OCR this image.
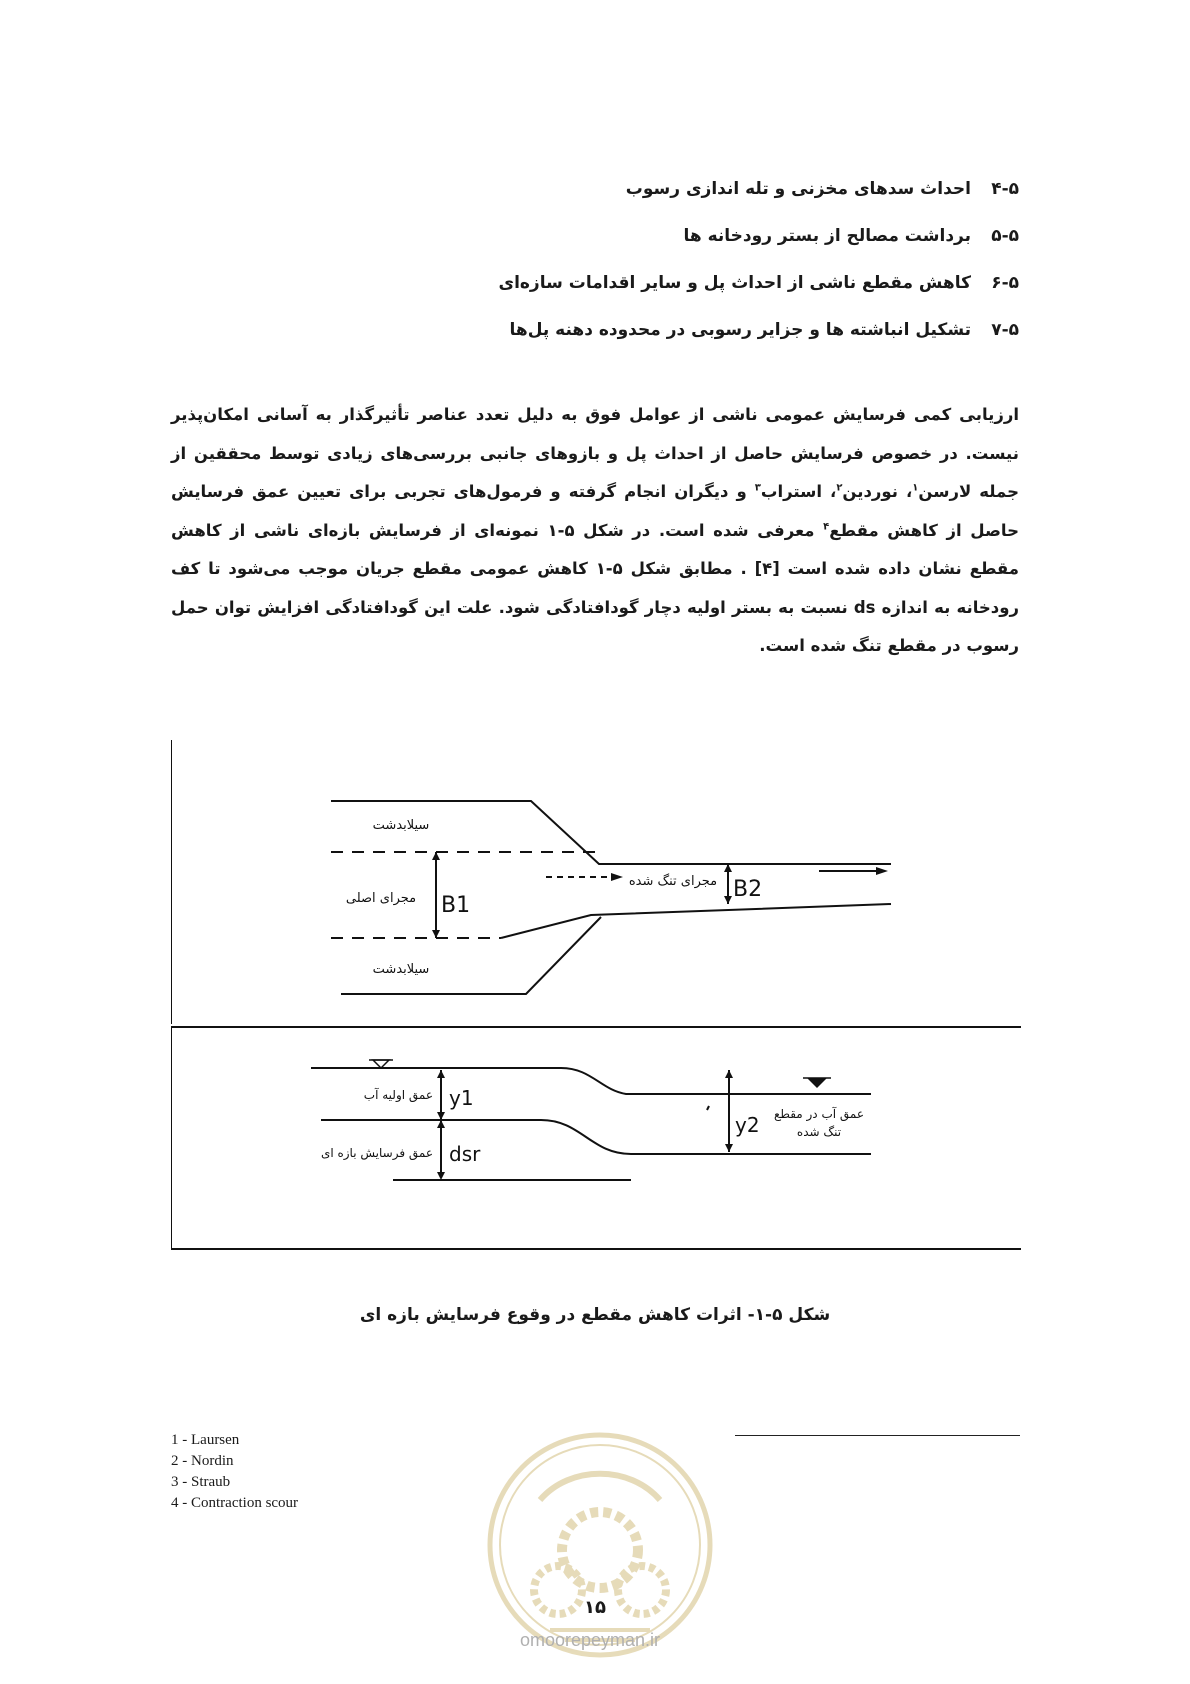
۴-۵احداث سدهای مخزنی و تله اندازی رسوب
۵-۵برداشت مصالح از بستر رودخانه ها
۶-۵کاهش مقطع ناشی از احداث پل و سایر اقدامات سازه‌ای
۷-۵تشکیل انباشته ها و جزایر رسوبی در محدوده دهنه پل‌ها
ارزیابی کمی فرسایش عمومی ناشی از عوامل فوق به دلیل تعدد عناصر تأثیرگذار به آسانی امکان‌پذیر نیست. در خصوص فرسایش حاصل از احداث پل و بازوهای جانبی بررسی‌های زیادی توسط محققین از جمله لارسن$^۱$، نوردین$^۲$، استراب$^۳$ و دیگران انجام گرفته و فرمول‌های تجربی برای تعیین عمق فرسایش حاصل از کاهش مقطع$^۴$ معرفی شده است. در شکل ۵-۱ نمونه‌ای از فرسایش بازه‌ای ناشی از کاهش مقطع نشان داده شده است [۴] . مطابق شکل ۵-۱ کاهش عمومی مقطع جریان موجب می‌شود تا کف رودخانه به اندازه ds نسبت به بستر اولیه دچار گودافتادگی شود. علت این گودافتادگی افزایش توان حمل رسوب در مقطع تنگ شده است.
سیلابدشت
مجرای اصلی B1
سیلابدشت
مجرای تنگ شده B2
عمق اولیه آب y1
عمق فرسایش بازه ای dsr
y2 عمق آب در مقطع
تنگ شده
شکل ۵-۱- اثرات کاهش مقطع در وقوع فرسایش بازه ای
1 - Laursen
2 - Nordin
3 - Straub
4 - Contraction scour
۱۵
omoorepeyman.ir
